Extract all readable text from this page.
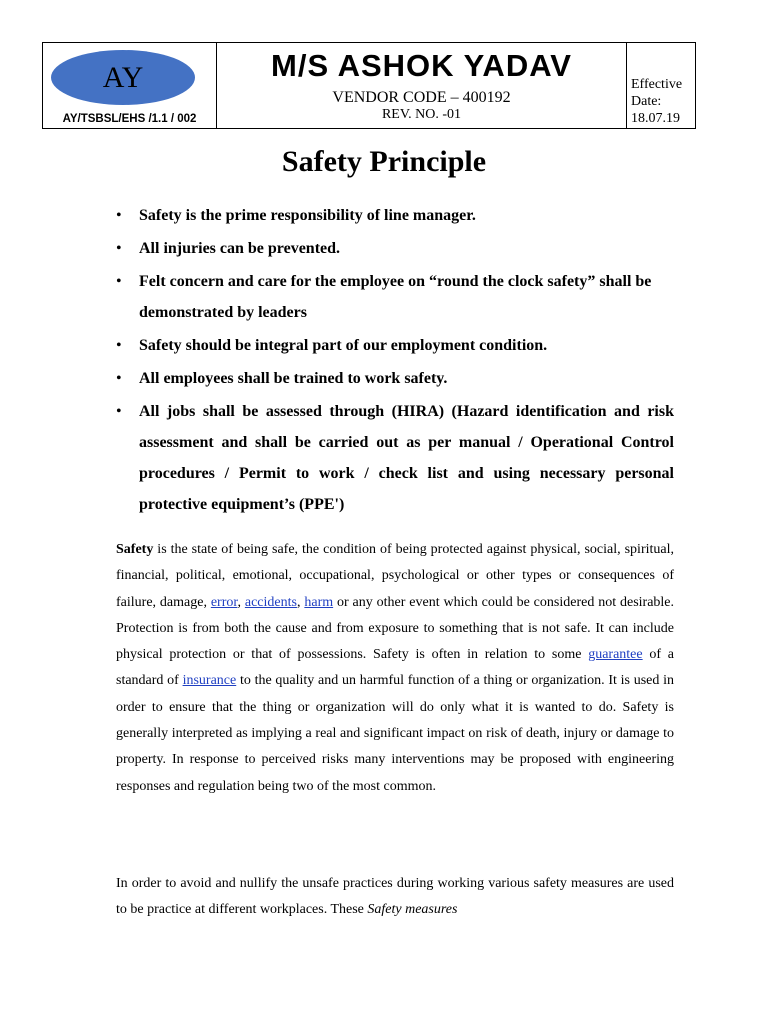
AY
AY/TSBSL/EHS /1.1 / 002
M/S ASHOK YADAV
VENDOR CODE – 400192
REV. NO. -01
Effective Date:
18.07.19
Safety Principle
• Safety is the prime responsibility of line manager.
• All injuries can be prevented.
• Felt concern and care for the employee on “round the clock safety” shall be demonstrated by leaders
• Safety should be integral part of our employment condition.
• All employees shall be trained to work safety.
• All jobs shall be assessed through (HIRA) (Hazard identification and risk assessment and shall be carried out as per manual / Operational Control procedures / Permit to work / check list and using necessary personal protective equipment’s (PPE')

Safety is the state of being safe, the condition of being protected against physical, social, spiritual, financial, political, emotional, occupational, psychological or other types or consequences of failure, damage, error, accidents, harm or any other event which could be considered not desirable. Protection is from both the cause and from exposure to something that is not safe. It can include physical protection or that of possessions. Safety is often in relation to some guarantee of a standard of insurance to the quality and un harmful function of a thing or organization. It is used in order to ensure that the thing or organization will do only what it is wanted to do. Safety is generally interpreted as implying a real and significant impact on risk of death, injury or damage to property. In response to perceived risks many interventions may be proposed with engineering responses and regulation being two of the most common.

In order to avoid and nullify the unsafe practices during working various safety measures are used to be practice at different workplaces. These Safety measures
